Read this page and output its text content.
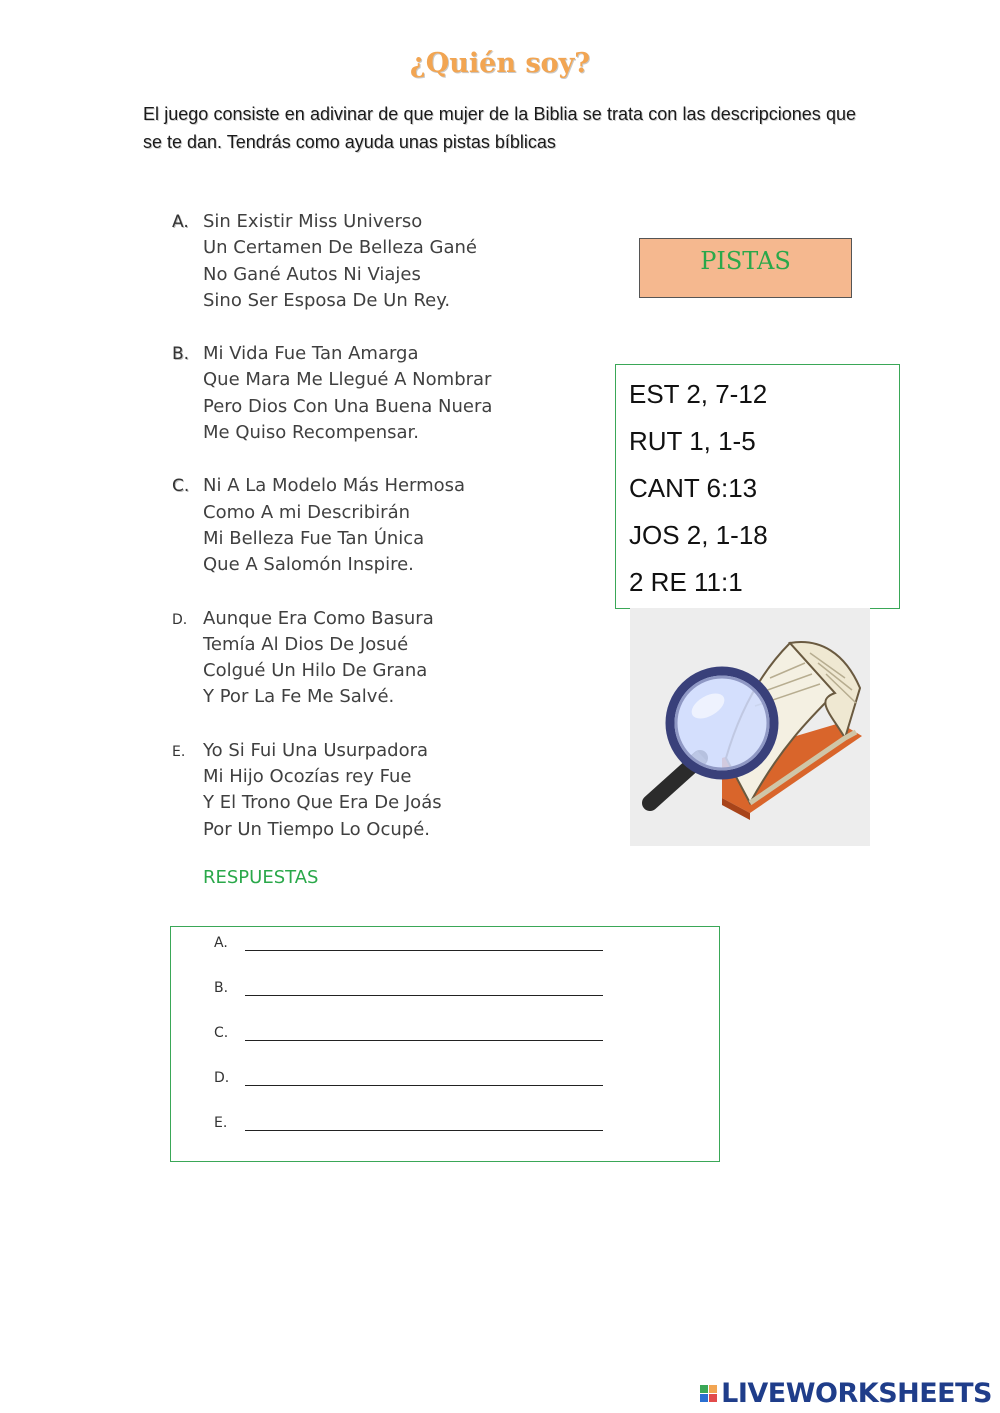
¿Quién soy?
El juego consiste en adivinar de que mujer de la Biblia se trata con las descripciones que se te dan. Tendrás como ayuda unas pistas bíblicas
A. Sin Existir Miss Universo
Un Certamen De Belleza Gané
No Gané Autos Ni Viajes
Sino Ser Esposa De Un Rey.
B. Mi Vida Fue Tan Amarga
Que Mara Me Llegué A Nombrar
Pero Dios Con Una Buena Nuera
Me Quiso Recompensar.
C. Ni A La Modelo Más Hermosa
Como A mi Describirán
Mi Belleza Fue Tan Única
Que A Salomón Inspire.
D. Aunque Era Como Basura
Temía Al Dios De Josué
Colgué Un Hilo De Grana
Y Por La Fe Me Salvé.
E. Yo Si Fui Una Usurpadora
Mi Hijo Ocozías rey Fue
Y El Trono Que Era De Joás
Por Un Tiempo Lo Ocupé.
RESPUESTAS
A.
B.
C.
D.
E.
PISTAS
EST 2, 7-12
RUT 1, 1-5
CANT 6:13
JOS 2, 1-18
2 RE 11:1
LIVEWORKSHEETS
